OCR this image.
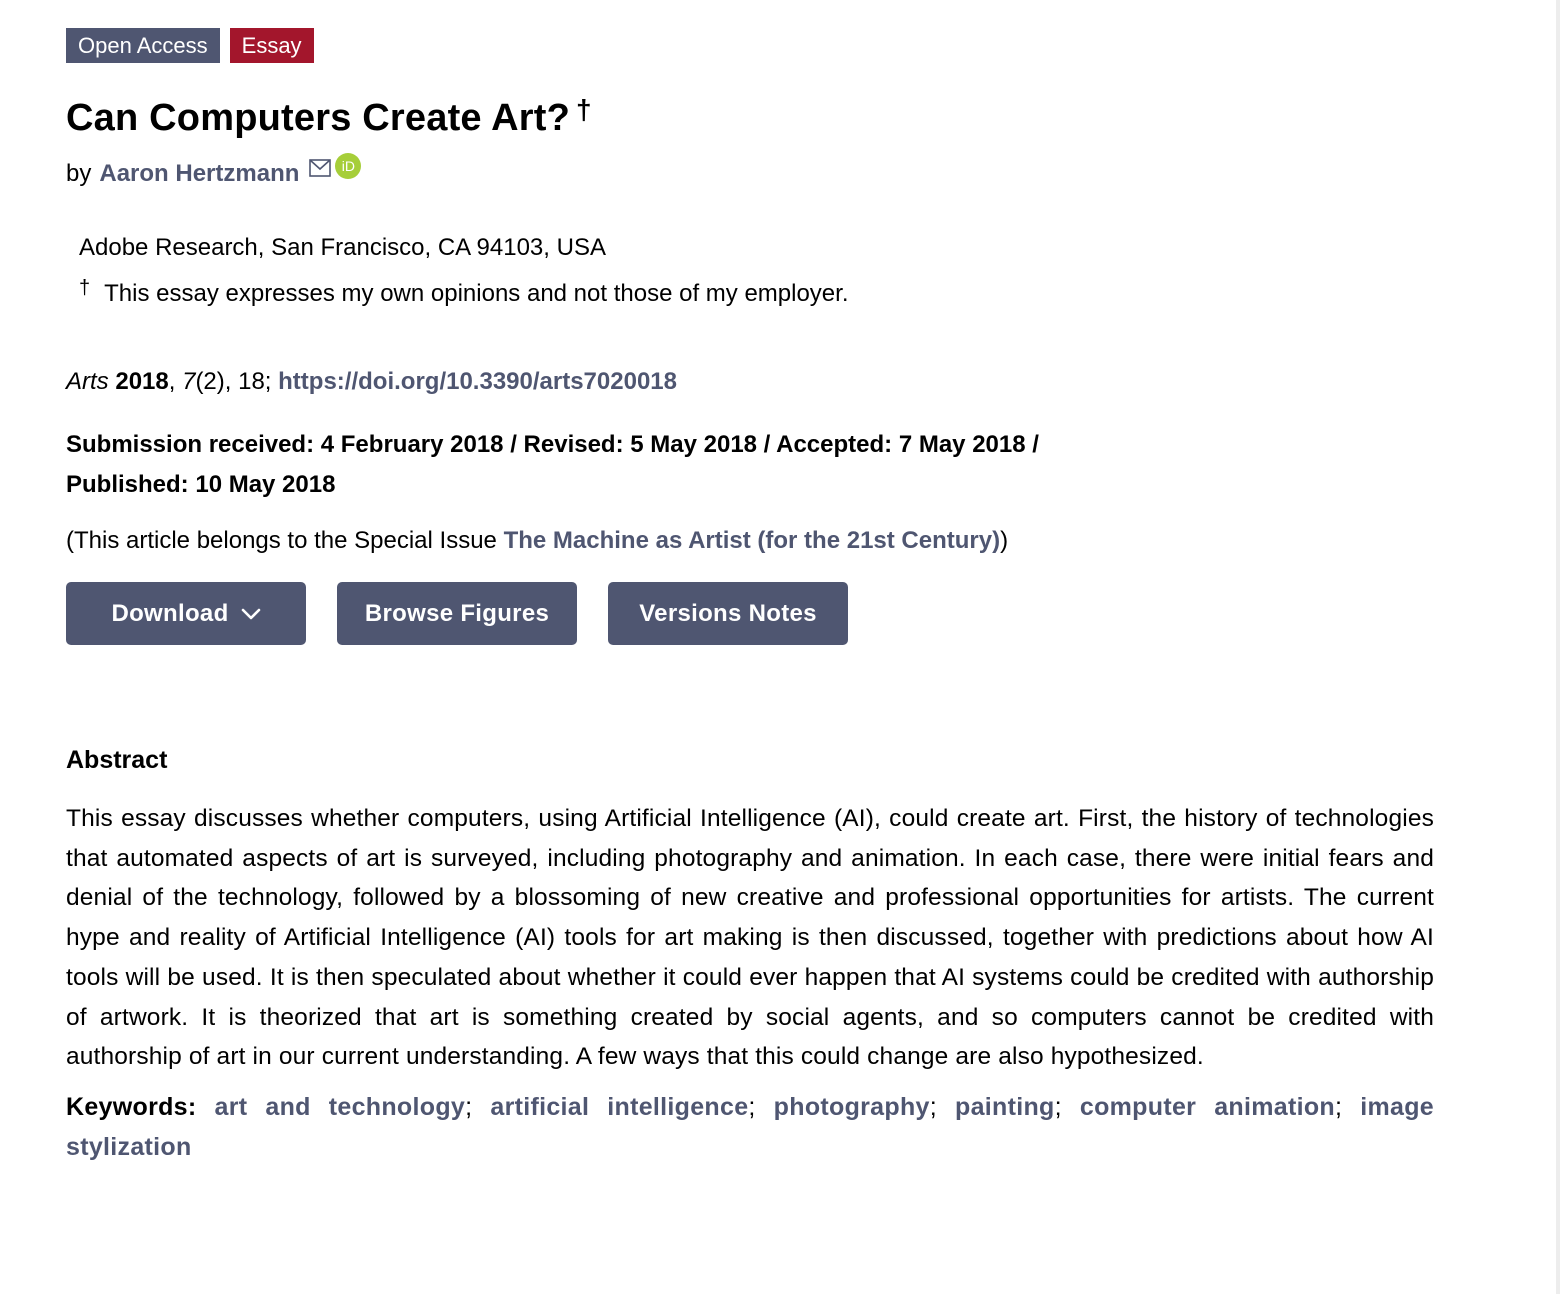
Open Access	Essay
Can Computers Create Art? †
by Aaron Hertzmann	iD
Adobe Research, San Francisco, CA 94103, USA
† This essay expresses my own opinions and not those of my employer.
Arts 2018, 7(2), 18; https://doi.org/10.3390/arts7020018
Submission received: 4 February 2018 / Revised: 5 May 2018 / Accepted: 7 May 2018 /
Published: 10 May 2018
(This article belongs to the Special Issue The Machine as Artist (for the 21st Century))
Download	Browse Figures	Versions Notes
Abstract
This essay discusses whether computers, using Artificial Intelligence (AI), could create art. First, the history of technologies that automated aspects of art is surveyed, including photography and animation. In each case, there were initial fears and denial of the technology, followed by a blossoming of new creative and professional opportunities for artists. The current hype and reality of Artificial Intelligence (AI) tools for art making is then discussed, together with predictions about how AI tools will be used. It is then speculated about whether it could ever happen that AI systems could be credited with authorship of artwork. It is theorized that art is something created by social agents, and so computers cannot be credited with authorship of art in our current understanding. A few ways that this could change are also hypothesized.
Keywords: art and technology; artificial intelligence; photography; painting; computer animation; image stylization
